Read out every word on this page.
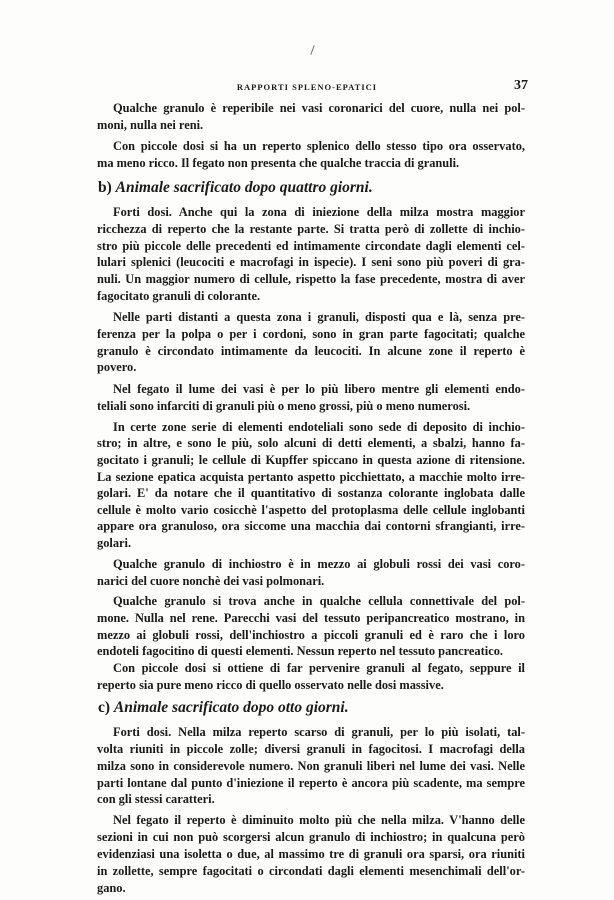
RAPPORTI SPLENO-EPATICI	37
b) Animale sacrificato dopo quattro giorni.
c) Animale sacrificato dopo otto giorni.
Qualche granulo è reperibile nei vasi coronarici del cuore, nulla nei pol-
moni, nulla nei reni.
Con piccole dosi si ha un reperto splenico dello stesso tipo ora osservato,
ma meno ricco. Il fegato non presenta che qualche traccia di granuli.
Forti dosi. Anche qui la zona di iniezione della milza mostra maggior
ricchezza di reperto che la restante parte. Si tratta però di zollette di inchio-
stro più piccole delle precedenti ed intimamente circondate dagli elementi cel-
lulari splenici (leucociti e macrofagi in ispecie). I seni sono più poveri di gra-
nuli. Un maggior numero di cellule, rispetto la fase precedente, mostra di aver
fagocitato granuli di colorante.
Nelle parti distanti a questa zona i granuli, disposti qua e là, senza pre-
ferenza per la polpa o per i cordoni, sono in gran parte fagocitati; qualche
granulo è circondato intimamente da leucociti. In alcune zone il reperto è
povero.
Nel fegato il lume dei vasi è per lo più libero mentre gli elementi endo-
teliali sono infarciti di granuli più o meno grossi, più o meno numerosi.
In certe zone serie di elementi endoteliali sono sede di deposito di inchio-
stro; in altre, e sono le più, solo alcuni di detti elementi, a sbalzi, hanno fa-
gocitato i granuli; le cellule di Kupffer spiccano in questa azione di ritensione.
La sezione epatica acquista pertanto aspetto picchiettato, a macchie molto irre-
golari. E' da notare che il quantitativo di sostanza colorante inglobata dalle
cellule è molto vario cosicchè l'aspetto del protoplasma delle cellule inglobanti
appare ora granuloso, ora siccome una macchia dai contorni sfrangianti, irre-
golari.
Qualche granulo di inchiostro è in mezzo ai globuli rossi dei vasi coro-
narici del cuore nonchè dei vasi polmonari.
Qualche granulo si trova anche in qualche cellula connettivale del pol-
mone. Nulla nel rene. Parecchi vasi del tessuto peripancreatico mostrano, in
mezzo ai globuli rossi, dell'inchiostro a piccoli granuli ed è raro che i loro
endoteli fagocitino di questi elementi. Nessun reperto nel tessuto pancreatico.
Con piccole dosi si ottiene di far pervenire granuli al fegato, seppure il
reperto sia pure meno ricco di quello osservato nelle dosi massive.
Forti dosi. Nella milza reperto scarso di granuli, per lo più isolati, tal-
volta riuniti in piccole zolle; diversi granuli in fagocitosi. I macrofagi della
milza sono in considerevole numero. Non granuli liberi nel lume dei vasi. Nelle
parti lontane dal punto d'iniezione il reperto è ancora più scadente, ma sempre
con gli stessi caratteri.
Nel fegato il reperto è diminuito molto più che nella milza. V'hanno delle
sezioni in cui non può scorgersi alcun granulo di inchiostro; in qualcuna però
evidenziasi una isoletta o due, al massimo tre di granuli ora sparsi, ora riuniti
in zollette, sempre fagocitati o circondati dagli elementi mesenchimali dell'or-
gano.
